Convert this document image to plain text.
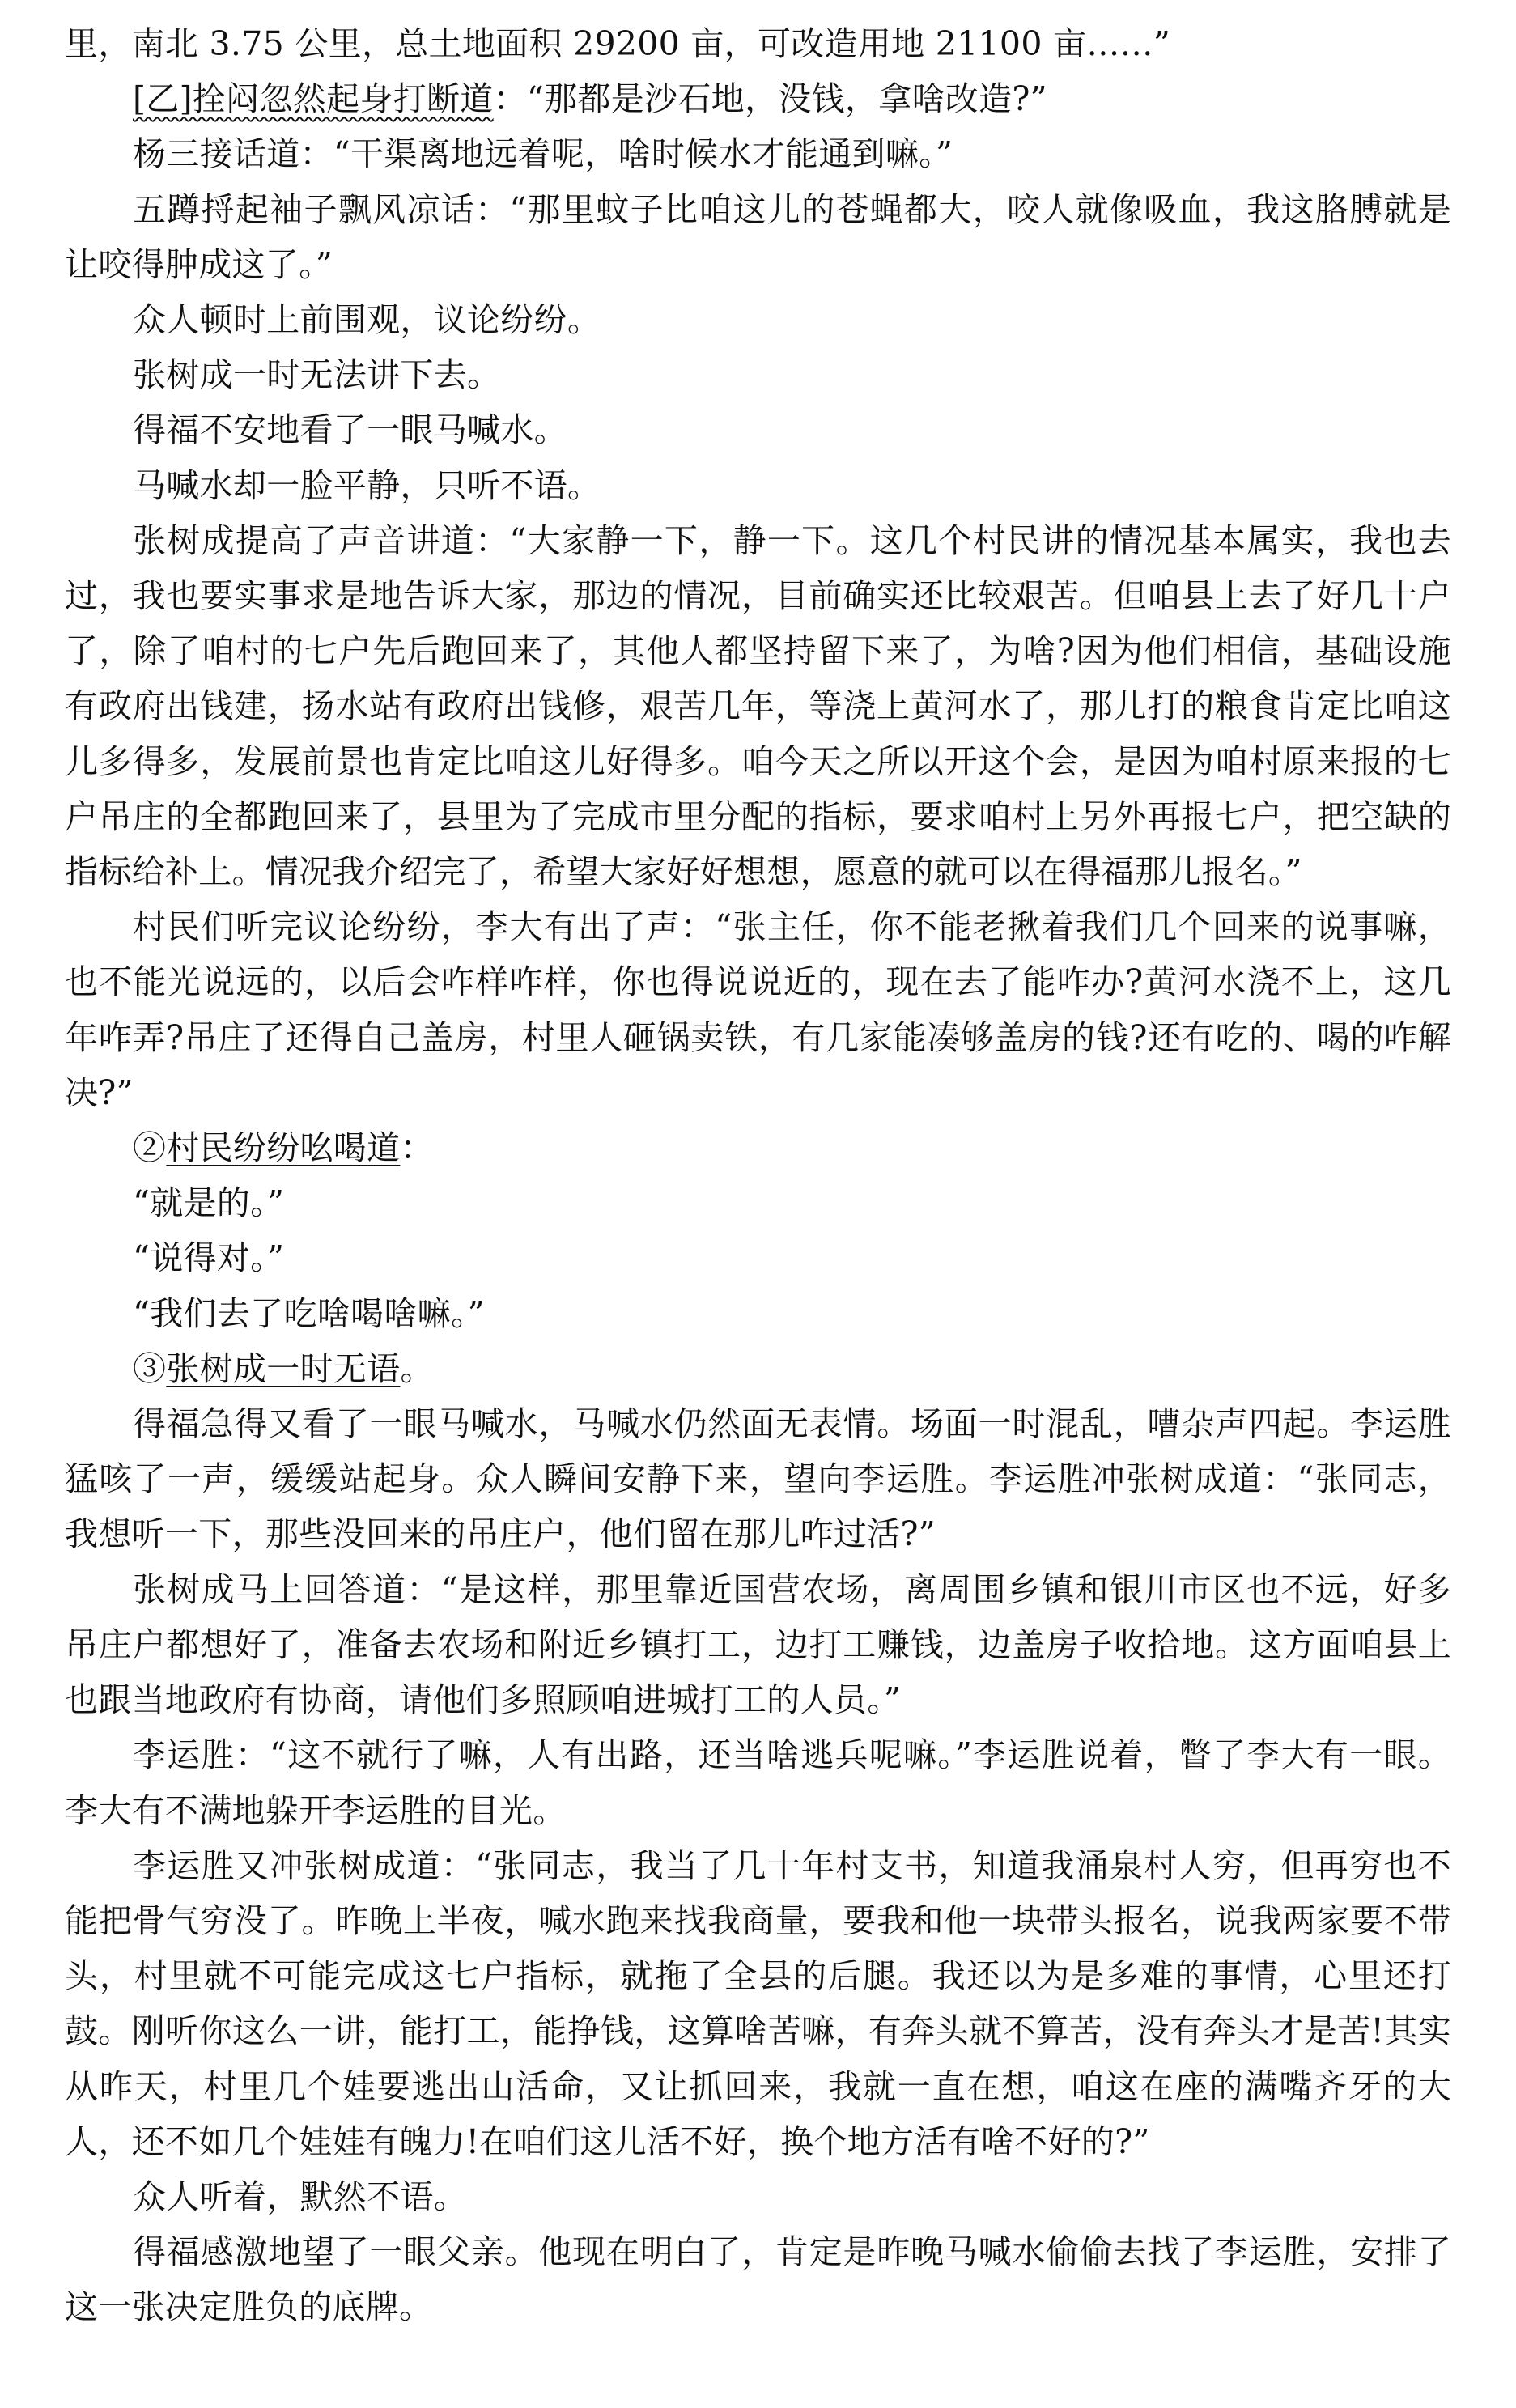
里，南北 3.75 公里，总土地面积 29200 亩，可改造用地 21100 亩……”

[乙]拴闷忽然起身打断道：“那都是沙石地，没钱，拿啥改造?”

杨三接话道：“干渠离地远着呢，啥时候水才能通到嘛。”

五蹲捋起袖子飘风凉话：“那里蚊子比咱这儿的苍蝇都大，咬人就像吸血，我这胳膊就是让咬得肿成这了。”

众人顿时上前围观，议论纷纷。

张树成一时无法讲下去。

得福不安地看了一眼马喊水。

马喊水却一脸平静，只听不语。

张树成提高了声音讲道：“大家静一下，静一下。这几个村民讲的情况基本属实，我也去过，我也要实事求是地告诉大家，那边的情况，目前确实还比较艰苦。但咱县上去了好几十户了，除了咱村的七户先后跑回来了，其他人都坚持留下来了，为啥?因为他们相信，基础设施有政府出钱建，扬水站有政府出钱修，艰苦几年，等浇上黄河水了，那儿打的粮食肯定比咱这儿多得多，发展前景也肯定比咱这儿好得多。咱今天之所以开这个会，是因为咱村原来报的七户吊庄的全都跑回来了，县里为了完成市里分配的指标，要求咱村上另外再报七户，把空缺的指标给补上。情况我介绍完了，希望大家好好想想，愿意的就可以在得福那儿报名。”

村民们听完议论纷纷，李大有出了声：“张主任，你不能老揪着我们几个回来的说事嘛，也不能光说远的，以后会咋样咋样，你也得说说近的，现在去了能咋办?黄河水浇不上，这几年咋弄?吊庄了还得自己盖房，村里人砸锅卖铁，有几家能凑够盖房的钱?还有吃的、喝的咋解决?”

②村民纷纷吆喝道：

“就是的。”

“说得对。”

“我们去了吃啥喝啥嘛。”

③张树成一时无语。

得福急得又看了一眼马喊水，马喊水仍然面无表情。场面一时混乱，嘈杂声四起。李运胜猛咳了一声，缓缓站起身。众人瞬间安静下来，望向李运胜。李运胜冲张树成道：“张同志，我想听一下，那些没回来的吊庄户，他们留在那儿咋过活?”

张树成马上回答道：“是这样，那里靠近国营农场，离周围乡镇和银川市区也不远，好多吊庄户都想好了，准备去农场和附近乡镇打工，边打工赚钱，边盖房子收拾地。这方面咱县上也跟当地政府有协商，请他们多照顾咱进城打工的人员。”

李运胜：“这不就行了嘛，人有出路，还当啥逃兵呢嘛。”李运胜说着，瞥了李大有一眼。李大有不满地躲开李运胜的目光。

李运胜又冲张树成道：“张同志，我当了几十年村支书，知道我涌泉村人穷，但再穷也不能把骨气穷没了。昨晚上半夜，喊水跑来找我商量，要我和他一块带头报名，说我两家要不带头，村里就不可能完成这七户指标，就拖了全县的后腿。我还以为是多难的事情，心里还打鼓。刚听你这么一讲，能打工，能挣钱，这算啥苦嘛，有奔头就不算苦，没有奔头才是苦!其实从昨天，村里几个娃要逃出山活命，又让抓回来，我就一直在想，咱这在座的满嘴齐牙的大人，还不如几个娃娃有魄力!在咱们这儿活不好，换个地方活有啥不好的?”

众人听着，默然不语。

得福感激地望了一眼父亲。他现在明白了，肯定是昨晚马喊水偷偷去找了李运胜，安排了这一张决定胜负的底牌。
